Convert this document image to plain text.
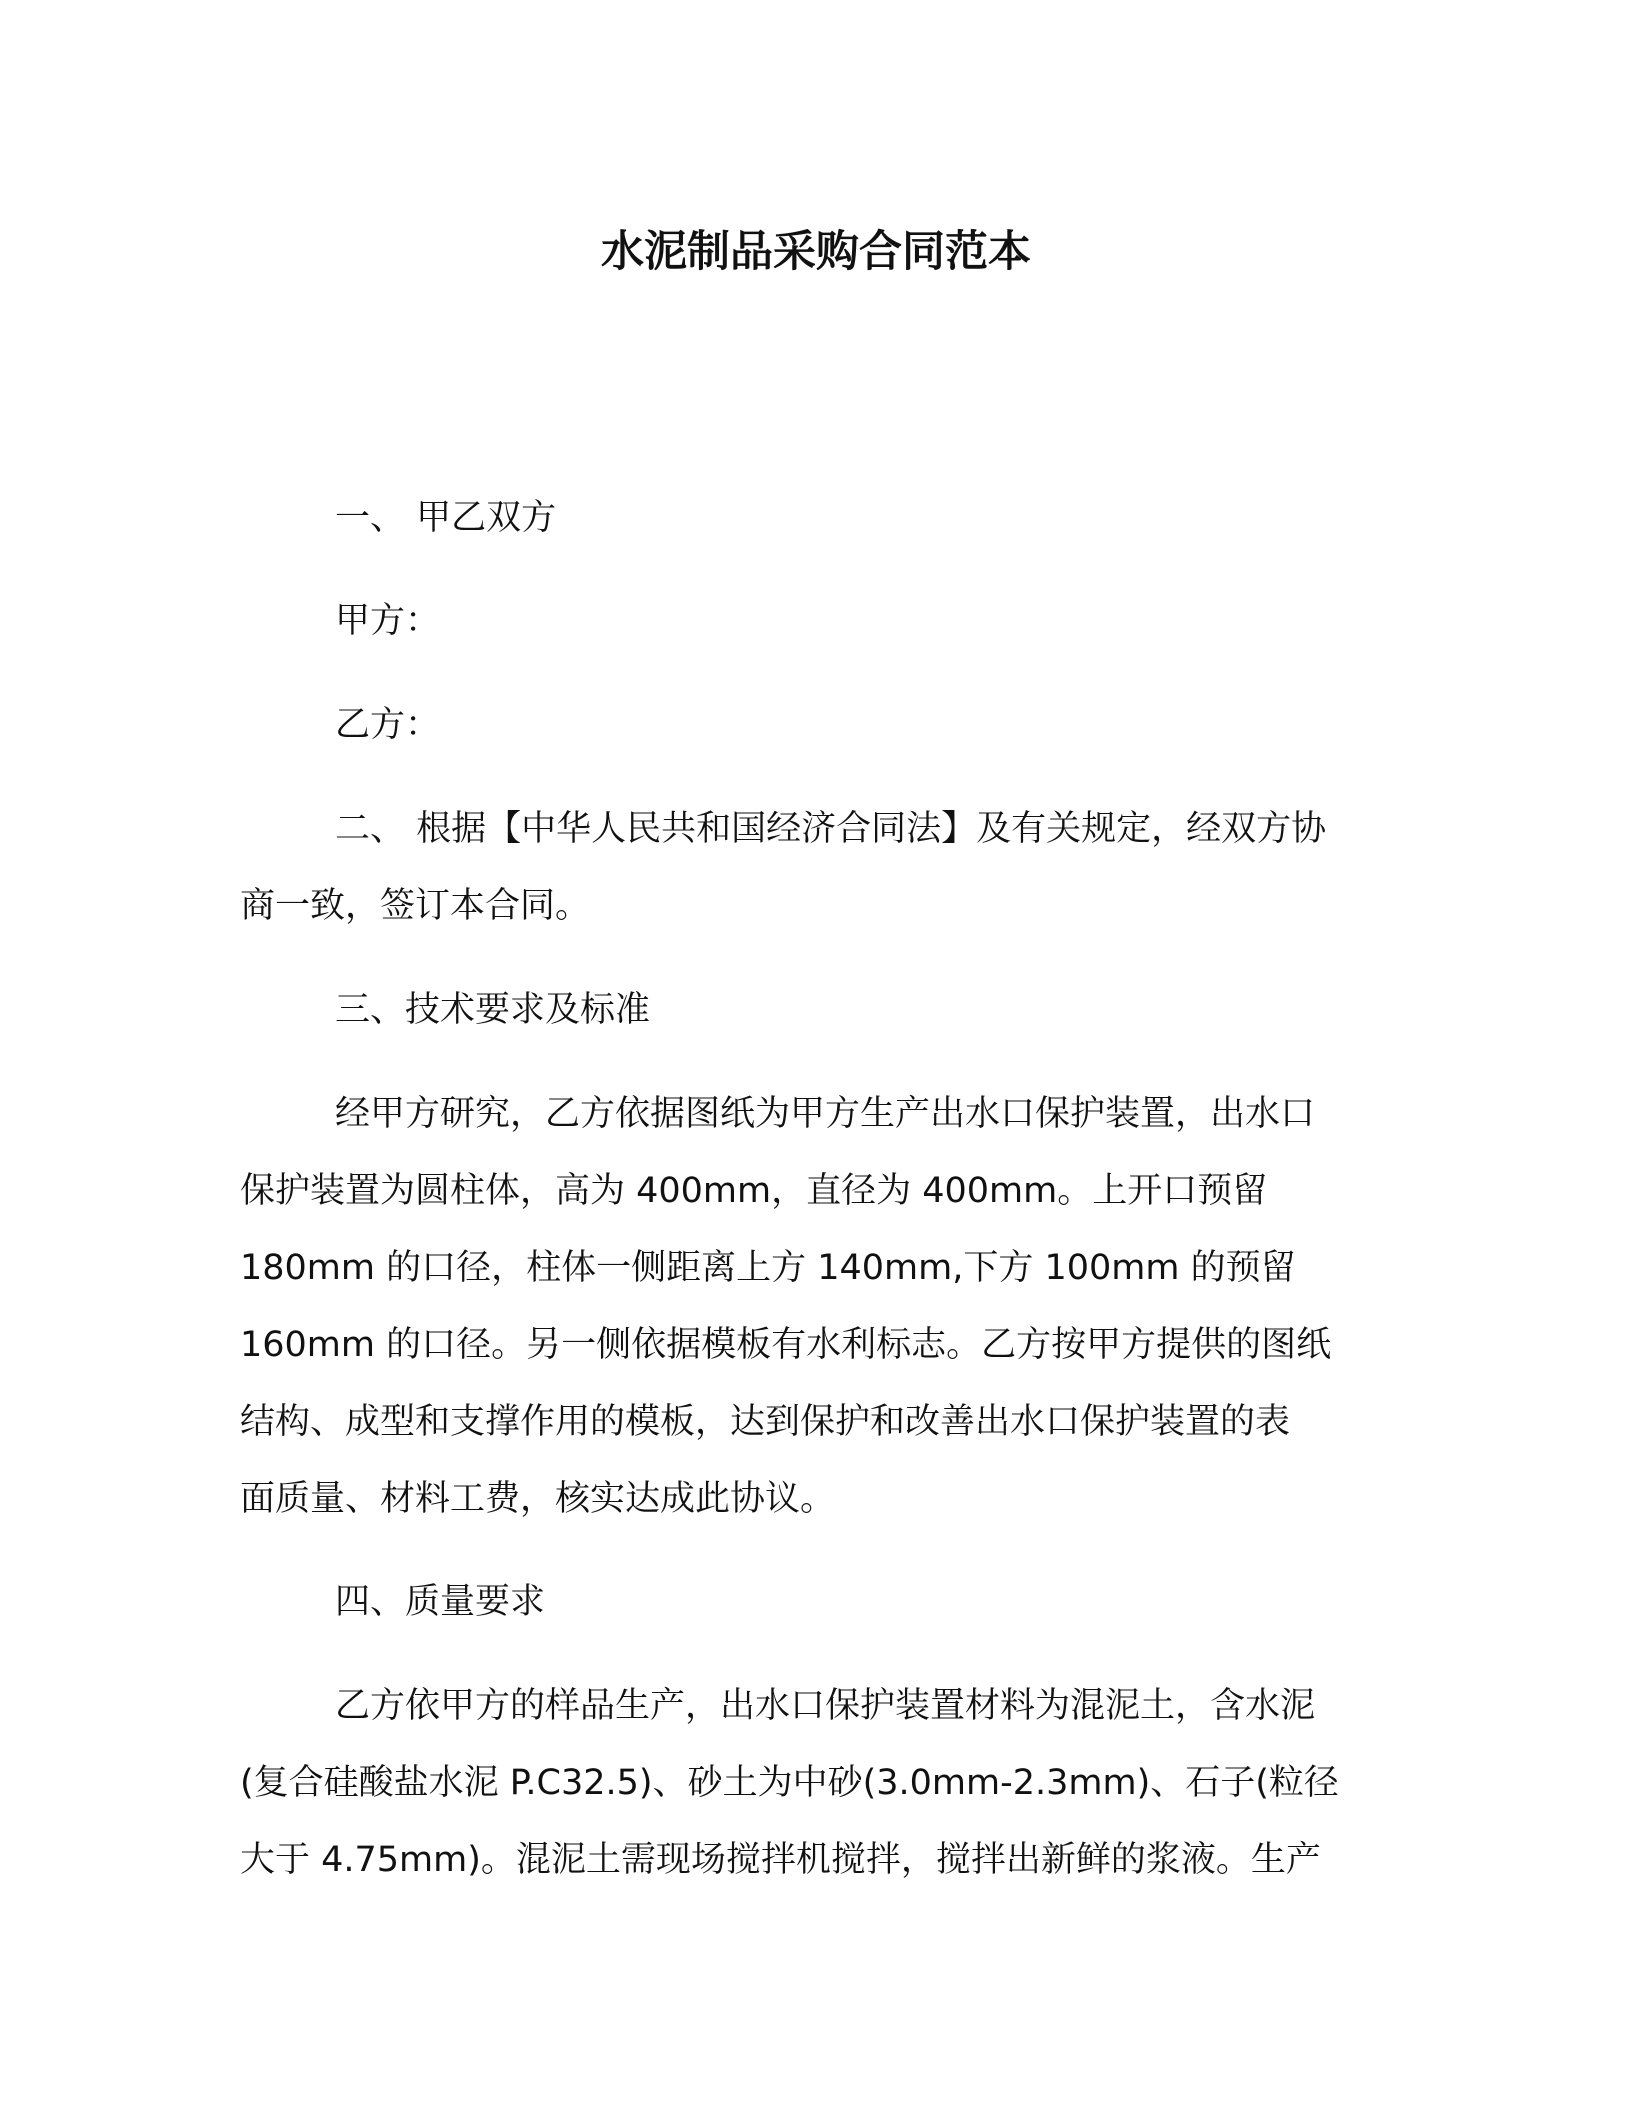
水泥制品采购合同范本
一、 甲乙双方
甲方：
乙方：
二、 根据【中华人民共和国经济合同法】及有关规定，经双方协
商一致，签订本合同。
三、技术要求及标准
经甲方研究，乙方依据图纸为甲方生产出水口保护装置，出水口
保护装置为圆柱体，高为 400mm，直径为 400mm。上开口预留
180mm 的口径，柱体一侧距离上方 140mm,下方 100mm 的预留
160mm 的口径。另一侧依据模板有水利标志。乙方按甲方提供的图纸
结构、成型和支撑作用的模板，达到保护和改善出水口保护装置的表
面质量、材料工费，核实达成此协议。
四、质量要求
乙方依甲方的样品生产，出水口保护装置材料为混泥土，含水泥
(复合硅酸盐水泥 P.C32.5)、砂土为中砂(3.0mm-2.3mm)、石子(粒径
大于 4.75mm)。混泥土需现场搅拌机搅拌，搅拌出新鲜的浆液。生产
